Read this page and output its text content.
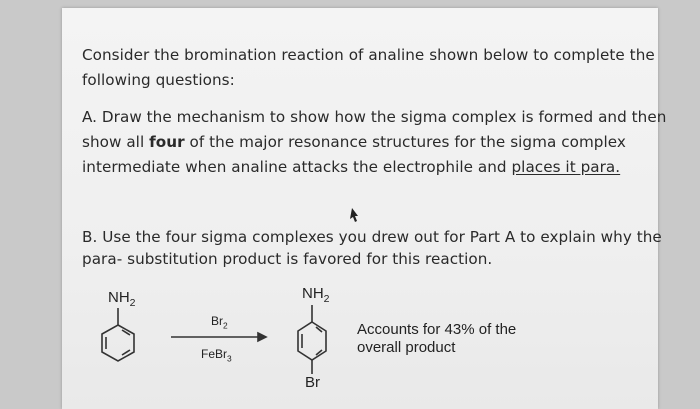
Consider the bromination reaction of analine shown below to complete the

following questions:

A. Draw the mechanism to show how the sigma complex is formed and then

show all four of the major resonance structures for the sigma complex

intermediate when analine attacks the electrophile and places it para.

B. Use the four sigma complexes you drew out for Part A to explain why the

para- substitution product is favored for this reaction.

$NH_2$
$Br_2$
FeBr$_3$
$NH_2$
Br
Accounts for 43% of the
overall product
